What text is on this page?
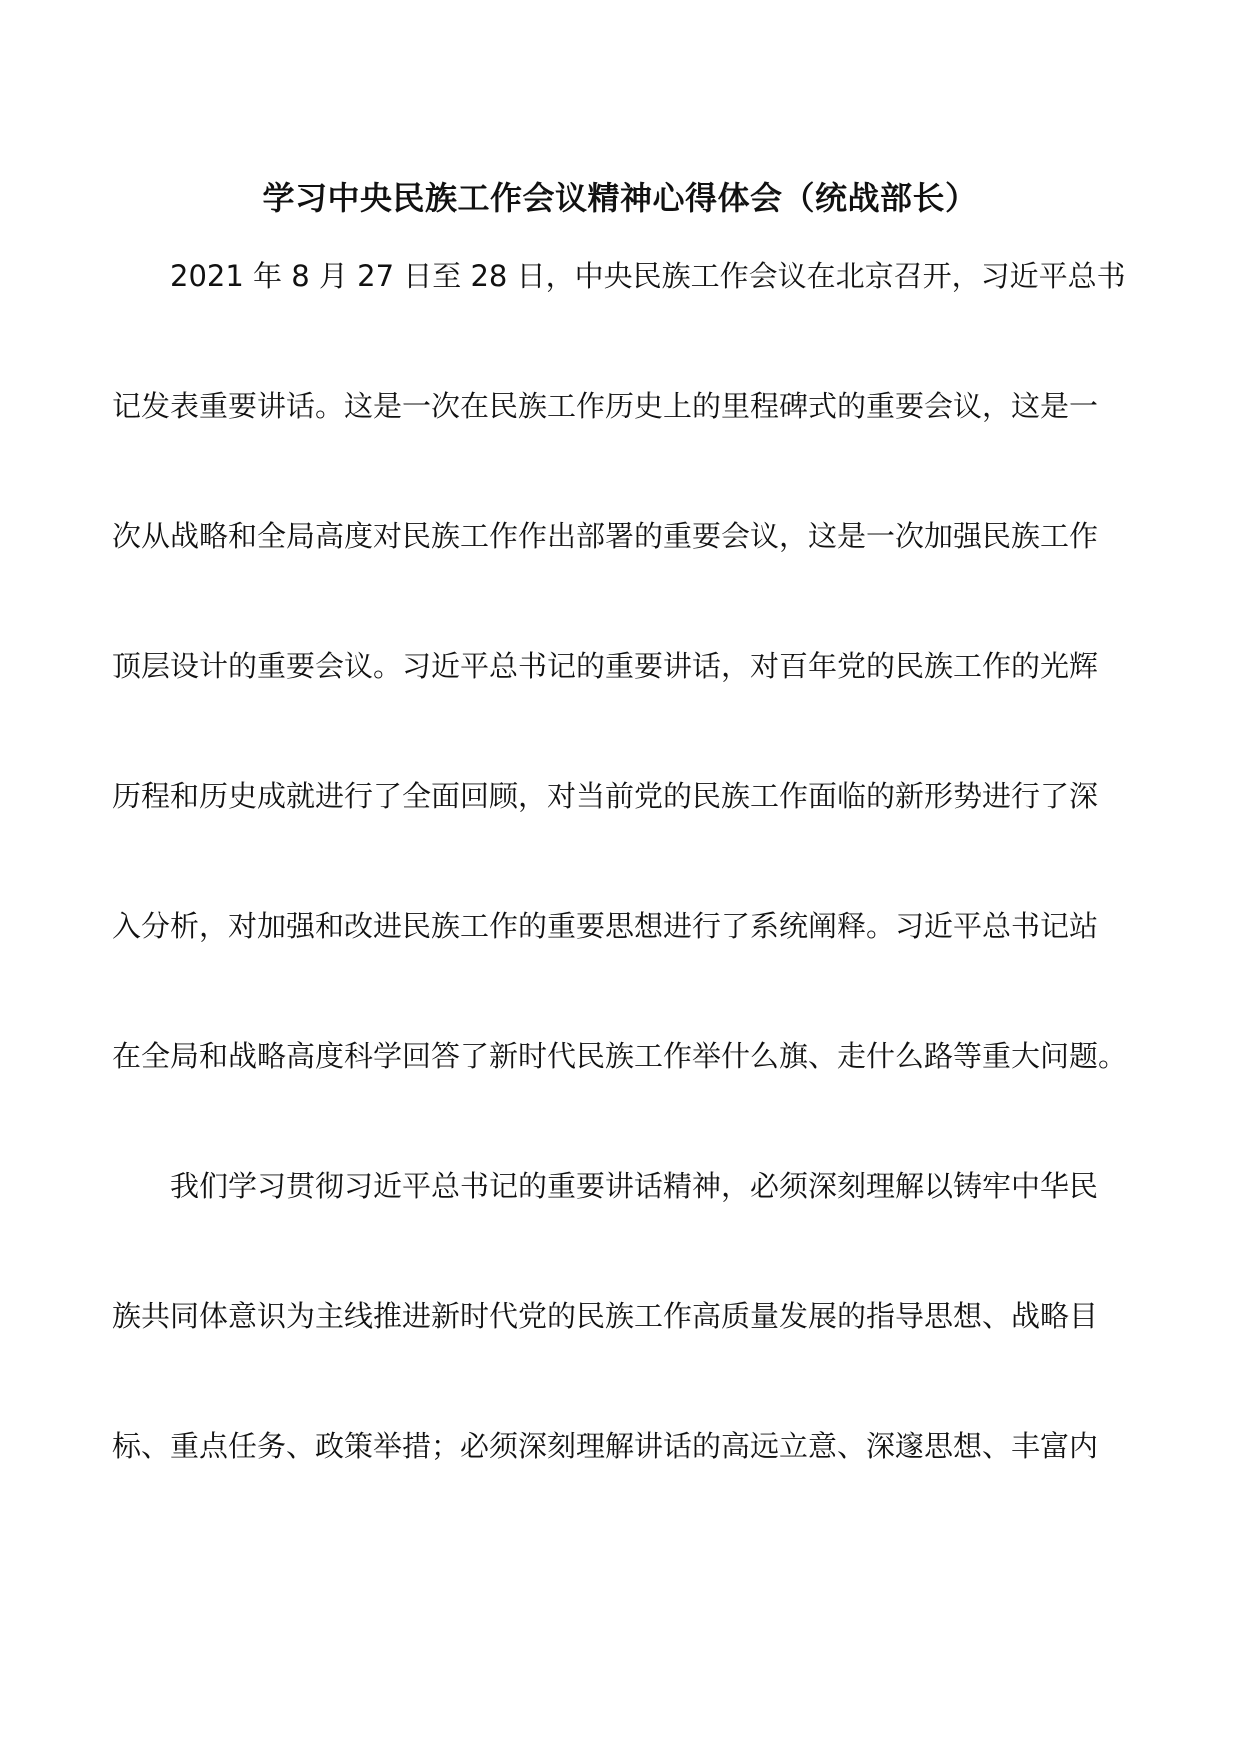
学习中央民族工作会议精神心得体会（统战部长）

2021 年 8 月 27 日至 28 日，中央民族工作会议在北京召开，习近平总书

记发表重要讲话。这是一次在民族工作历史上的里程碑式的重要会议，这是一

次从战略和全局高度对民族工作作出部署的重要会议，这是一次加强民族工作

顶层设计的重要会议。习近平总书记的重要讲话，对百年党的民族工作的光辉

历程和历史成就进行了全面回顾，对当前党的民族工作面临的新形势进行了深

入分析，对加强和改进民族工作的重要思想进行了系统阐释。习近平总书记站

在全局和战略高度科学回答了新时代民族工作举什么旗、走什么路等重大问题。

我们学习贯彻习近平总书记的重要讲话精神，必须深刻理解以铸牢中华民

族共同体意识为主线推进新时代党的民族工作高质量发展的指导思想、战略目

标、重点任务、政策举措；必须深刻理解讲话的高远立意、深邃思想、丰富内
